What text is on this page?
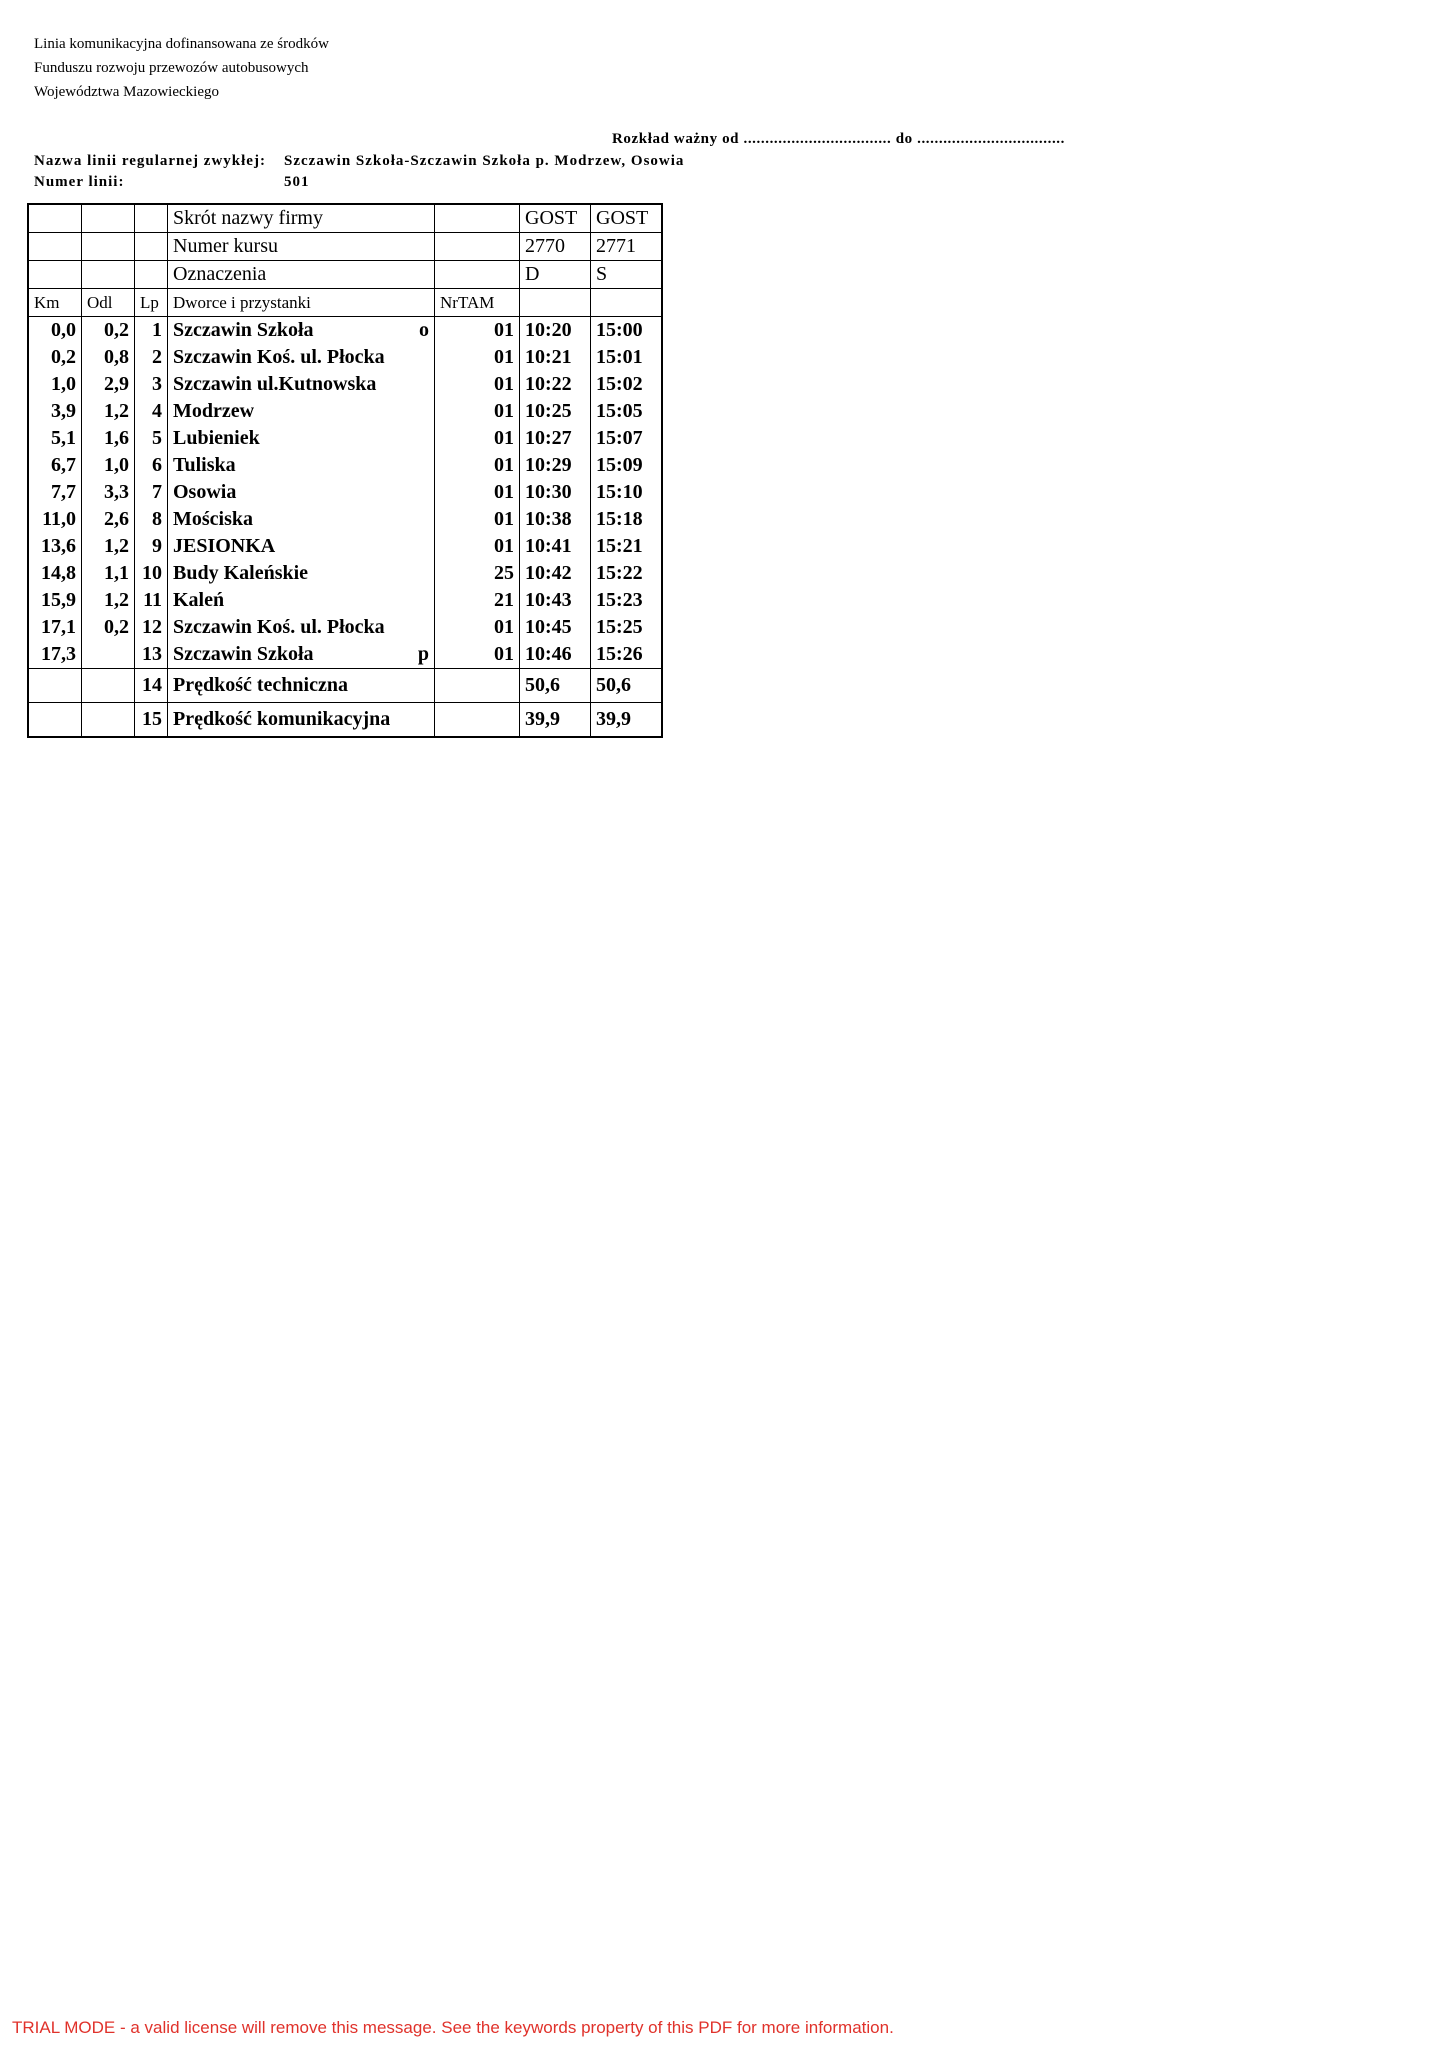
Linia komunikacyjna dofinansowana ze środków
Funduszu rozwoju przewozów autobusowych
Województwa Mazowieckiego
Rozkład ważny od .................................. do ..................................
Nazwa linii regularnej zwykłej:	Szczawin Szkoła-Szczawin Szkoła p. Modrzew, Osowia
Numer linii:	501
			Skrót nazwy firmy		GOST	GOST
			Numer kursu		2770	2771
			Oznaczenia		D	S
Km	Odl	Lp	Dworce i przystanki	NrTAM		
0,0	0,2	1	Szczawin Szkoła o	01	10:20	15:00
0,2	0,8	2	Szczawin Koś. ul. Płocka	01	10:21	15:01
1,0	2,9	3	Szczawin ul.Kutnowska	01	10:22	15:02
3,9	1,2	4	Modrzew	01	10:25	15:05
5,1	1,6	5	Lubieniek	01	10:27	15:07
6,7	1,0	6	Tuliska	01	10:29	15:09
7,7	3,3	7	Osowia	01	10:30	15:10
11,0	2,6	8	Mościska	01	10:38	15:18
13,6	1,2	9	JESIONKA	01	10:41	15:21
14,8	1,1	10	Budy Kaleńskie	25	10:42	15:22
15,9	1,2	11	Kaleń	21	10:43	15:23
17,1	0,2	12	Szczawin Koś. ul. Płocka	01	10:45	15:25
17,3		13	Szczawin Szkoła p	01	10:46	15:26
		14	Prędkość techniczna		50,6	50,6
		15	Prędkość komunikacyjna		39,9	39,9
TRIAL MODE - a valid license will remove this message. See the keywords property of this PDF for more information.
